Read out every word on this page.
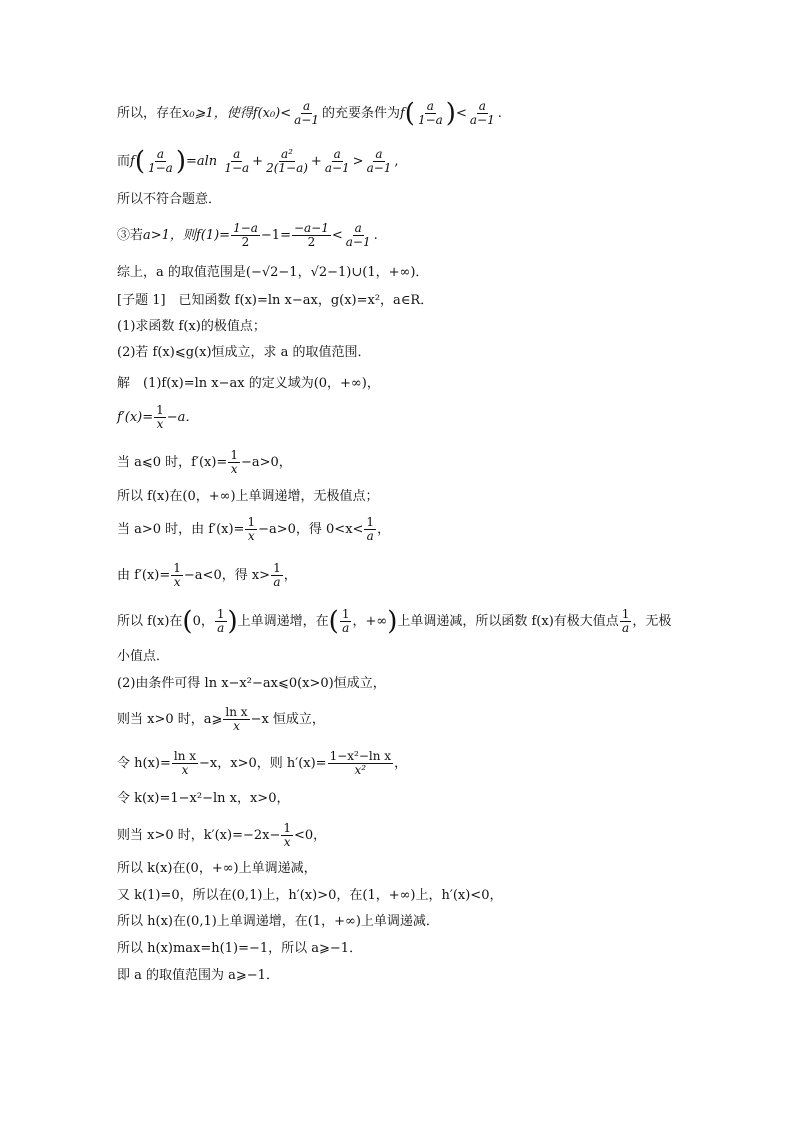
所以，存在x₀⩾1，使得$f(x_0)< \frac{a}{a-1}$ 的充要条件为$f( \frac{a}{1-a}$ )< $\frac{a}{a-1}$ .
而$f( \frac{a}{1-a} )=aln \frac{a}{1-a} + \frac{\text{a²}}{2(1-a)} + \frac{a}{a-1} > \frac{a}{a-1}$ ,
所以不符合题意．
③若a>1，则$f(1)= \frac{1-a}{2} -1= \frac{-a-1}{2} < \frac{a}{a-1}$ .
综上，a 的取值范围是(−√2−1，√2−1)∪(1，+∞)．
[子题 1]　已知函数 f(x)=ln x−ax，g(x)=x²，a∈R．
(1)求函数 f(x)的极值点；
(2)若 f(x)⩽g(x)恒成立，求 a 的取值范围．
解　(1)f(x)=ln x−ax 的定义域为(0，+∞)，
$f'(x)= \frac{1}{x} -a$．
当 a⩽0 时，$f'(x)= \frac{1}{x} -a>0$，
所以 f(x)在(0，+∞)上单调递增，无极值点；
当 a>0 时，由 $f'(x)= \frac{1}{x} -a>0$，得 $0<x< \frac{1}{a}$ ，
由 $f'(x)= \frac{1}{x} -a<0$，得 $x> \frac{1}{a}$ ，
所以 f(x)在(0， $\frac{1}{a}$ )上单调递增，在( $\frac{1}{a}$ ，+∞)上单调递减，所以函数 f(x)有极大值点 $\frac{1}{a}$ ，无极
小值点．
(2)由条件可得 ln x−x²−ax⩽0(x>0)恒成立，
则当 x>0 时，a⩾ $\frac{\text{ln x}}{x} -x$ 恒成立，
令 $h(x)= \frac{\text{ln x}}{x} -x$，x>0，则 $h'(x)= \frac{\text{1−x²−ln x}}{\text{x²}}$ ，
令 k(x)=1−x²−ln x，x>0，
则当 x>0 时，$k'(x)=-2x- \frac{1}{x} <0$，
所以 k(x)在(0，+∞)上单调递减，
又 k(1)=0，所以在(0,1)上，h′(x)>0，在(1，+∞)上，h′(x)<0，
所以 h(x)在(0,1)上单调递增，在(1，+∞)上单调递减．
所以 h(x)max=h(1)=−1，所以 a⩾−1．
即 a 的取值范围为 a⩾−1．
